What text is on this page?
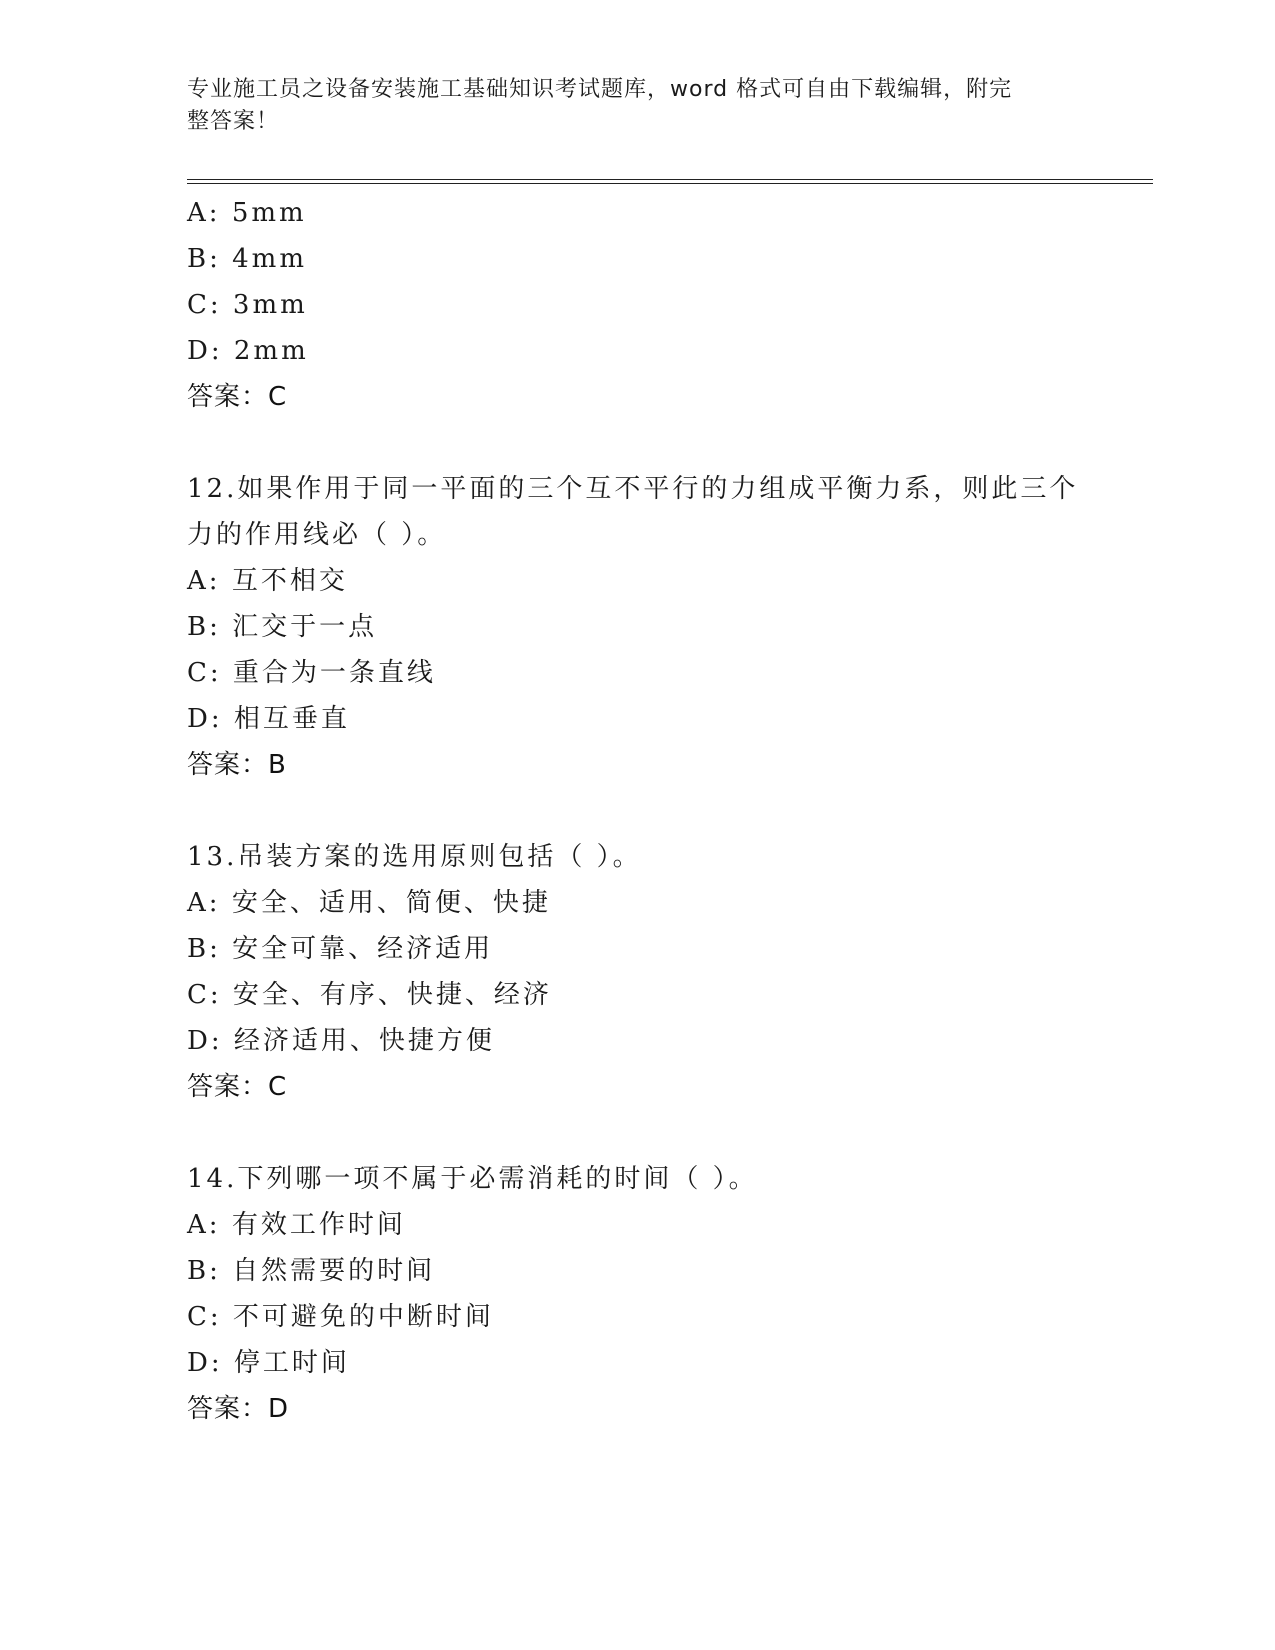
专业施工员之设备安装施工基础知识考试题库，word 格式可自由下载编辑，附完
整答案！
A: 5mm
B: 4mm
C: 3mm
D: 2mm
答案：C
12.如果作用于同一平面的三个互不平行的力组成平衡力系，则此三个
力的作用线必（ ）。
A: 互不相交
B: 汇交于一点
C: 重合为一条直线
D: 相互垂直
答案：B
13.吊装方案的选用原则包括（ ）。
A: 安全、适用、简便、快捷
B: 安全可靠、经济适用
C: 安全、有序、快捷、经济
D: 经济适用、快捷方便
答案：C
14.下列哪一项不属于必需消耗的时间（ ）。
A: 有效工作时间
B: 自然需要的时间
C: 不可避免的中断时间
D: 停工时间
答案：D
